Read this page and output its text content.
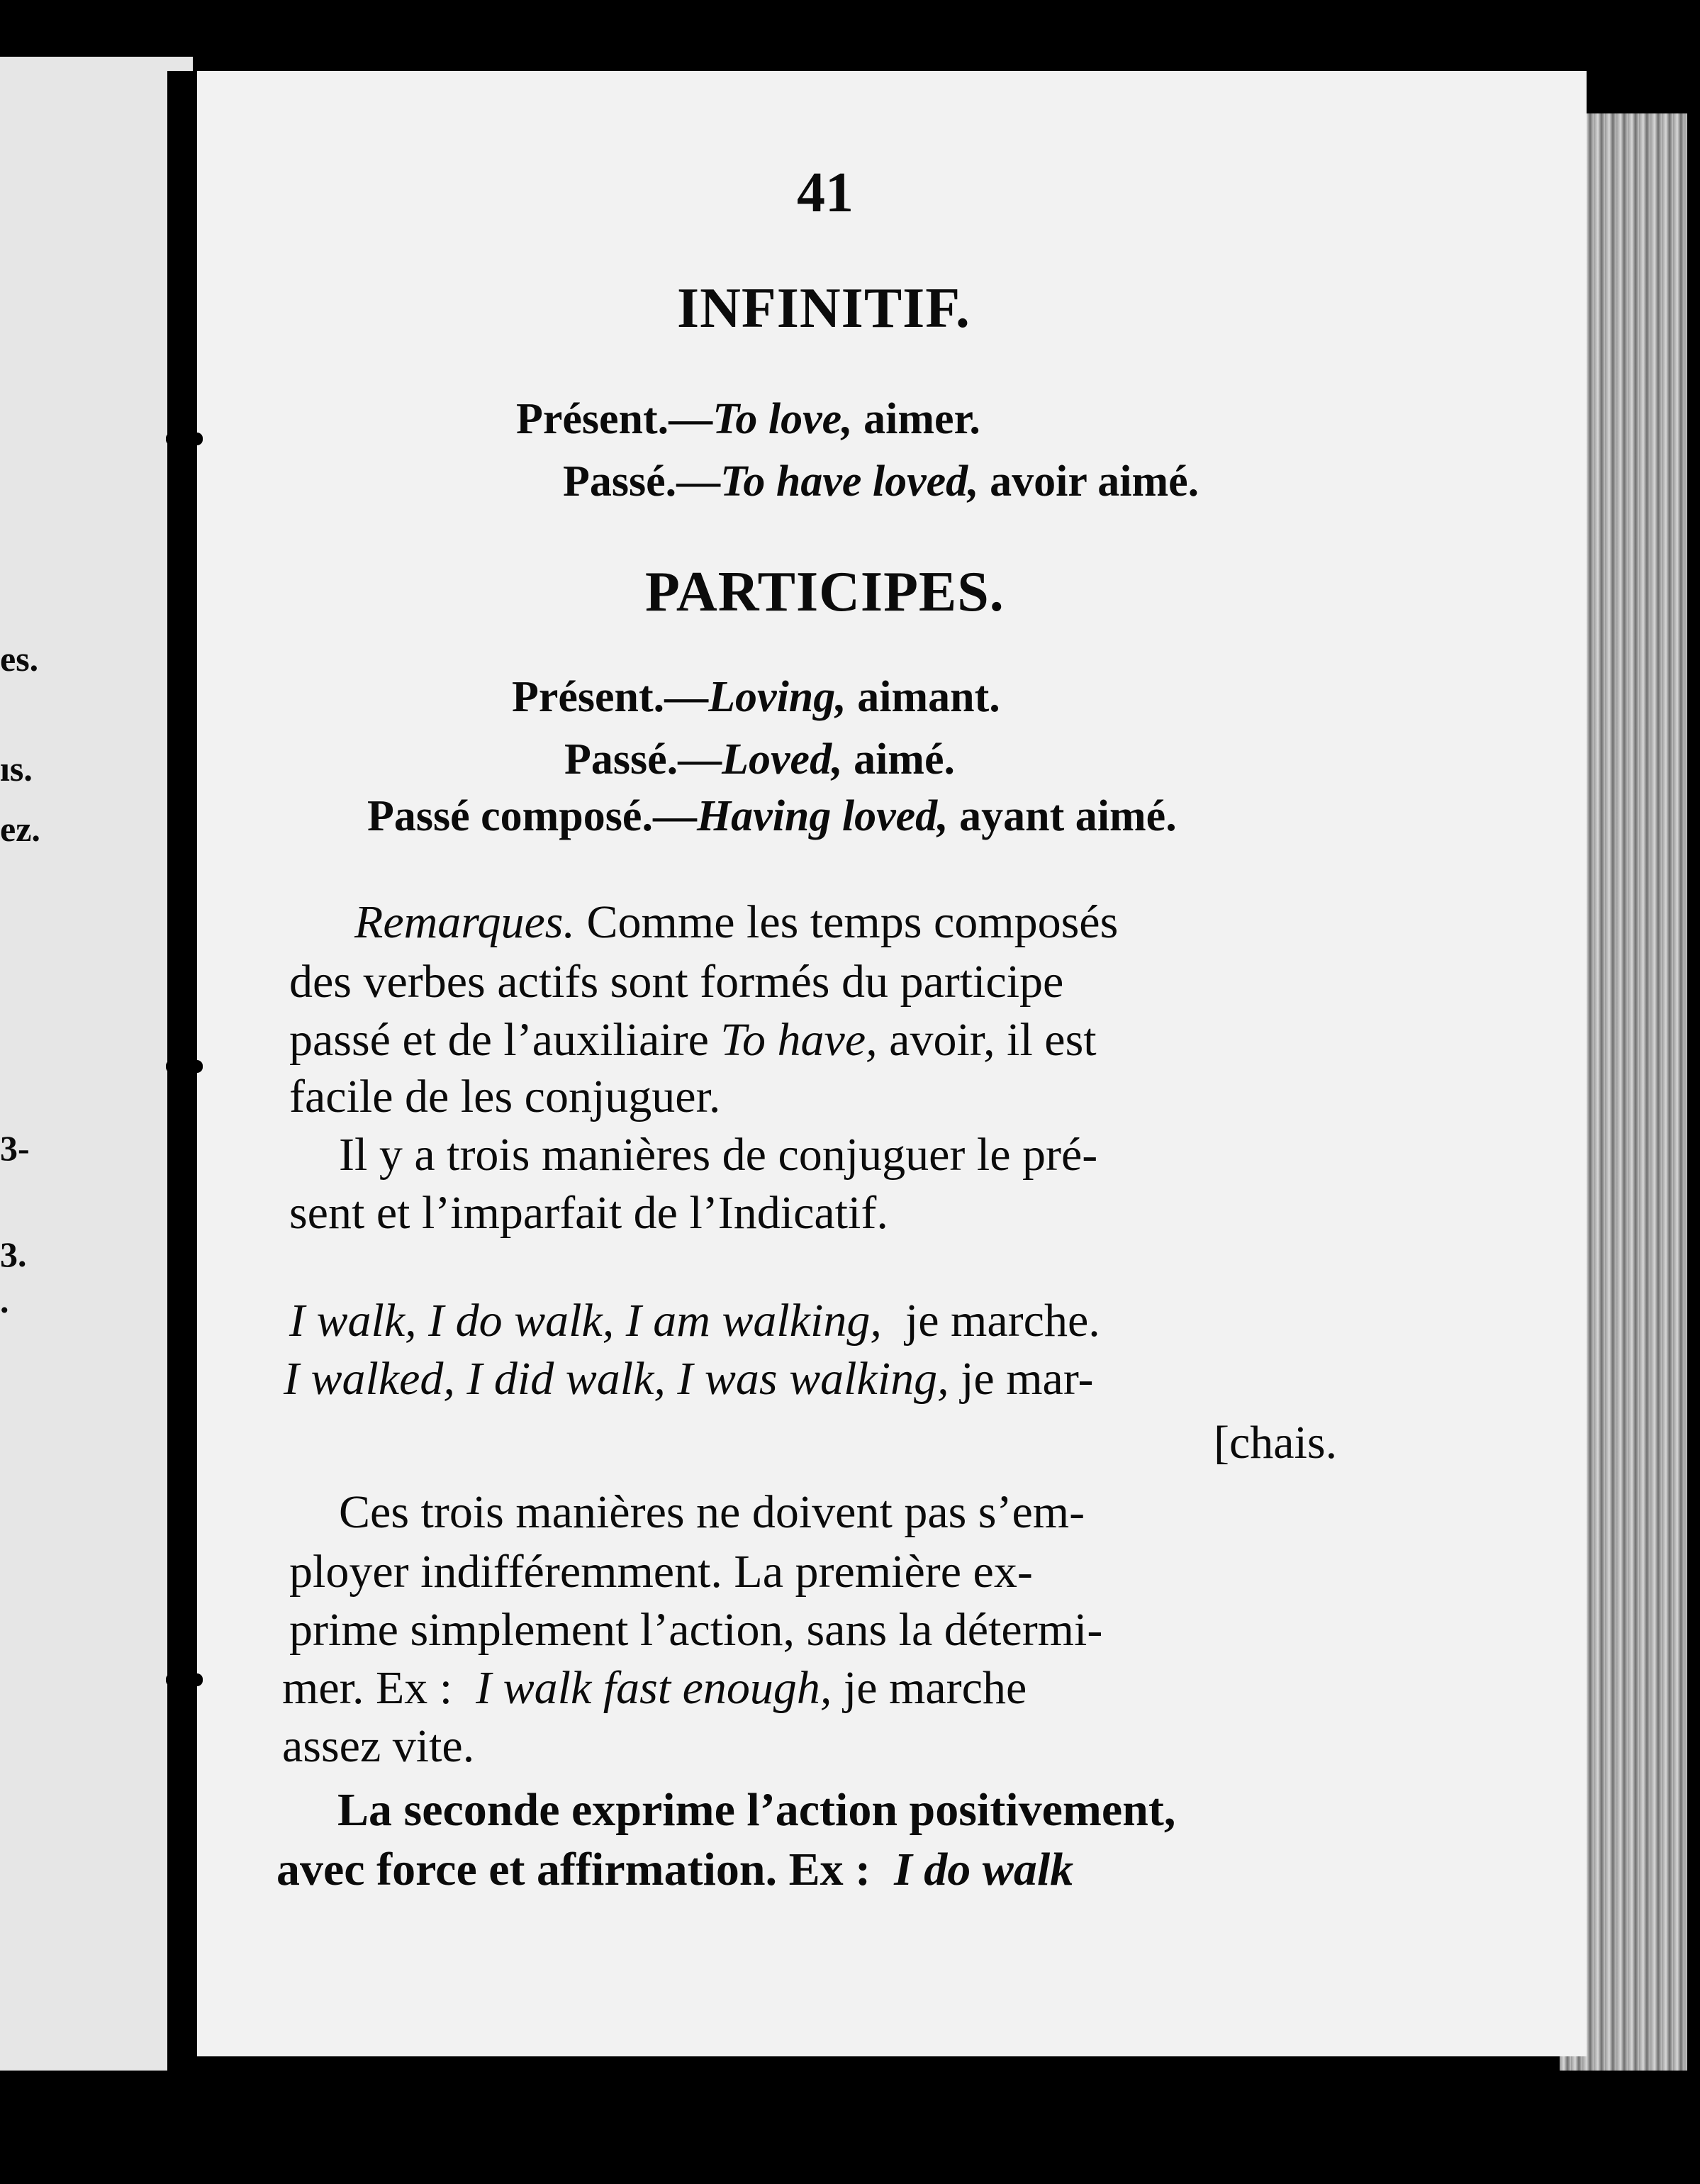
es.
ıs.
ez.
3-
3.
.
41
INFINITIF.
Présent.—To love, aimer.
Passé.—To have loved, avoir aimé.
PARTICIPES.
Présent.—Loving, aimant.
Passé.—Loved, aimé.
Passé composé.—Having loved, ayant aimé.
Remarques. Comme les temps composés
des verbes actifs sont formés du participe
passé et de l’auxiliaire To have, avoir, il est
facile de les conjuguer.
Il y a trois manières de conjuguer le pré-
sent et l’imparfait de l’Indicatif.
I walk, I do walk, I am walking, je marche.
I walked, I did walk, I was walking, je mar-
[chais.
Ces trois manières ne doivent pas s’em-
ployer indifféremment. La première ex-
prime simplement l’action, sans la détermi-
mer. Ex : I walk fast enough, je marche
assez vite.
La seconde exprime l’action positivement,
avec force et affirmation. Ex : I do walk
